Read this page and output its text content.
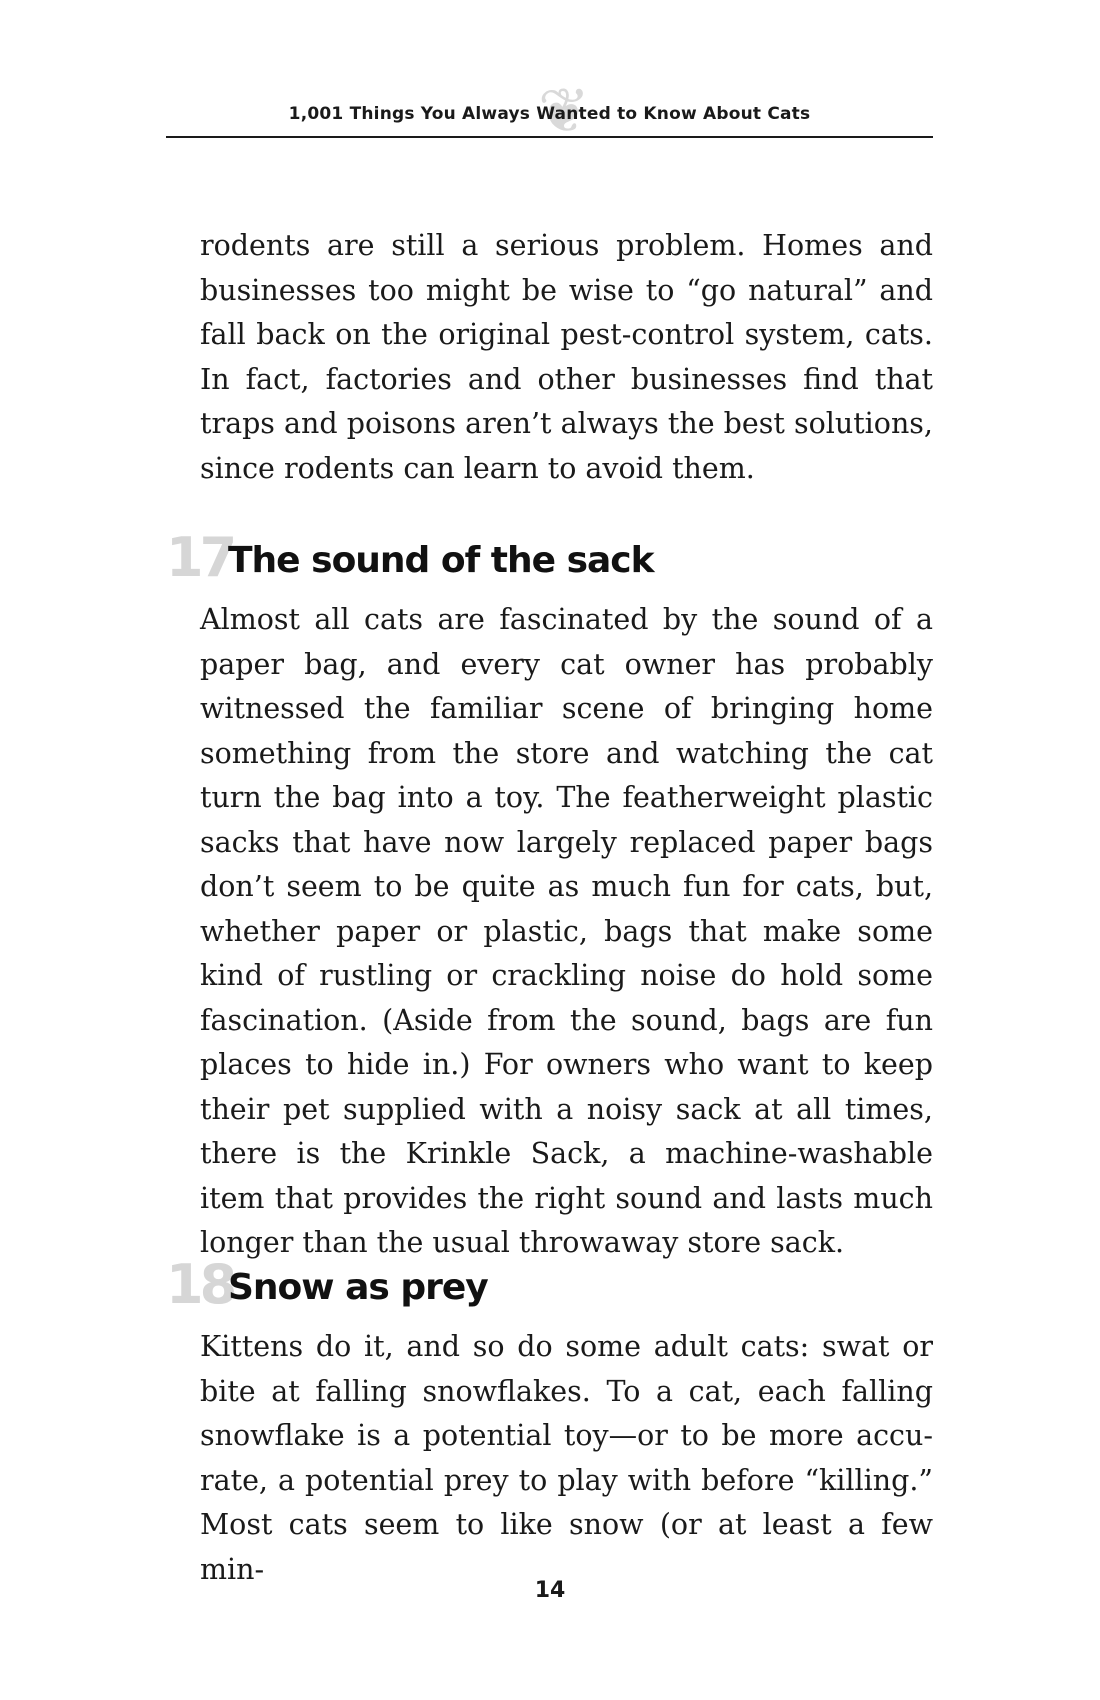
❦
1,001 Things You Always Wanted to Know About Cats

rodents are still a serious problem. Homes and businesses too might be wise to “go natural” and fall back on the original pest-control system, cats. In fact, factories and other businesses find that traps and poisons aren’t always the best solutions, since rodents can learn to avoid them.

17
The sound of the sack

Almost all cats are fascinated by the sound of a paper bag, and every cat owner has probably witnessed the familiar scene of bringing home something from the store and watching the cat turn the bag into a toy. The featherweight plastic sacks that have now largely replaced paper bags don’t seem to be quite as much fun for cats, but, whether paper or plastic, bags that make some kind of rustling or crackling noise do hold some fascination. (Aside from the sound, bags are fun places to hide in.) For owners who want to keep their pet supplied with a noisy sack at all times, there is the Krinkle Sack, a machine-washable item that provides the right sound and lasts much longer than the usual throwaway store sack.

18
Snow as prey

Kittens do it, and so do some adult cats: swat or bite at falling snowflakes. To a cat, each falling snowflake is a potential toy—or to be more accurate, a potential prey to play with before “killing.” Most cats seem to like snow (or at least a few min-

14
